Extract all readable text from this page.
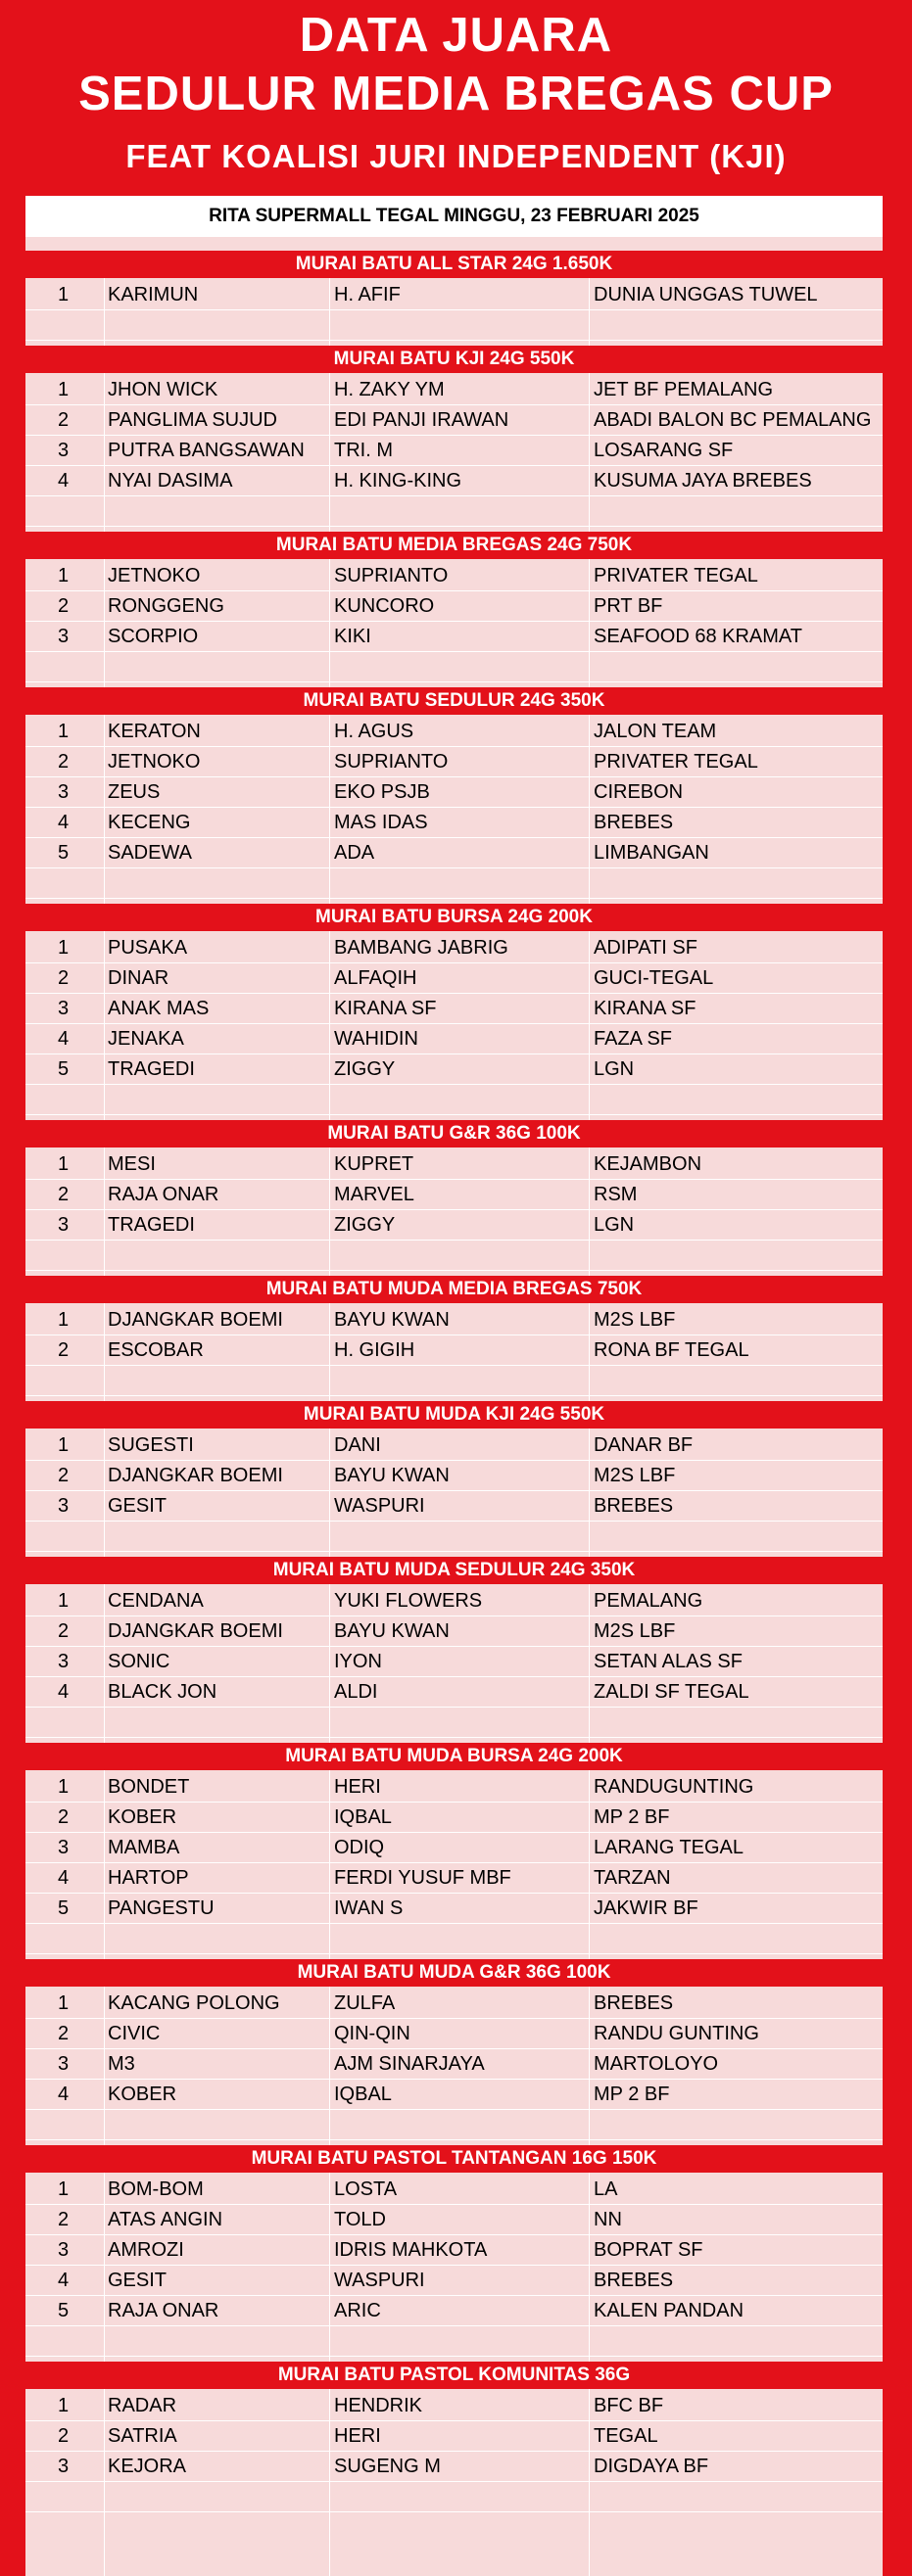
DATA JUARA
SEDULUR MEDIA BREGAS CUP
FEAT KOALISI JURI INDEPENDENT (KJI)
RITA SUPERMALL TEGAL MINGGU, 23 FEBRUARI 2025
MURAI BATU ALL STAR 24G 1.650K
1	KARIMUN	H. AFIF	DUNIA UNGGAS TUWEL
MURAI BATU KJI 24G 550K
1	JHON WICK	H. ZAKY YM	JET BF PEMALANG
2	PANGLIMA SUJUD	EDI PANJI IRAWAN	ABADI BALON BC PEMALANG
3	PUTRA BANGSAWAN	TRI. M	LOSARANG SF
4	NYAI DASIMA	H. KING-KING	KUSUMA JAYA BREBES
MURAI BATU MEDIA BREGAS 24G 750K
1	JETNOKO	SUPRIANTO	PRIVATER TEGAL
2	RONGGENG	KUNCORO	PRT BF
3	SCORPIO	KIKI	SEAFOOD 68 KRAMAT
MURAI BATU SEDULUR 24G 350K
1	KERATON	H. AGUS	JALON TEAM
2	JETNOKO	SUPRIANTO	PRIVATER TEGAL
3	ZEUS	EKO PSJB	CIREBON
4	KECENG	MAS IDAS	BREBES
5	SADEWA	ADA	LIMBANGAN
MURAI BATU BURSA 24G 200K
1	PUSAKA	BAMBANG JABRIG	ADIPATI SF
2	DINAR	ALFAQIH	GUCI-TEGAL
3	ANAK MAS	KIRANA SF	KIRANA SF
4	JENAKA	WAHIDIN	FAZA SF
5	TRAGEDI	ZIGGY	LGN
MURAI BATU G&R 36G 100K
1	MESI	KUPRET	KEJAMBON
2	RAJA ONAR	MARVEL	RSM
3	TRAGEDI	ZIGGY	LGN
MURAI BATU MUDA MEDIA BREGAS 750K
1	DJANGKAR BOEMI	BAYU KWAN	M2S LBF
2	ESCOBAR	H. GIGIH	RONA BF TEGAL
MURAI BATU MUDA KJI 24G 550K
1	SUGESTI	DANI	DANAR BF
2	DJANGKAR BOEMI	BAYU KWAN	M2S LBF
3	GESIT	WASPURI	BREBES
MURAI BATU MUDA SEDULUR 24G 350K
1	CENDANA	YUKI FLOWERS	PEMALANG
2	DJANGKAR BOEMI	BAYU KWAN	M2S LBF
3	SONIC	IYON	SETAN ALAS SF
4	BLACK JON	ALDI	ZALDI SF TEGAL
MURAI BATU MUDA BURSA 24G 200K
1	BONDET	HERI	RANDUGUNTING
2	KOBER	IQBAL	MP 2 BF
3	MAMBA	ODIQ	LARANG TEGAL
4	HARTOP	FERDI YUSUF MBF	TARZAN
5	PANGESTU	IWAN S	JAKWIR BF
MURAI BATU MUDA G&R 36G 100K
1	KACANG POLONG	ZULFA	BREBES
2	CIVIC	QIN-QIN	RANDU GUNTING
3	M3	AJM SINARJAYA	MARTOLOYO
4	KOBER	IQBAL	MP 2 BF
MURAI BATU PASTOL TANTANGAN 16G 150K
1	BOM-BOM	LOSTA	LA
2	ATAS ANGIN	TOLD	NN
3	AMROZI	IDRIS MAHKOTA	BOPRAT SF
4	GESIT	WASPURI	BREBES
5	RAJA ONAR	ARIC	KALEN PANDAN
MURAI BATU PASTOL KOMUNITAS 36G
1	RADAR	HENDRIK	BFC BF
2	SATRIA	HERI	TEGAL
3	KEJORA	SUGENG M	DIGDAYA BF
